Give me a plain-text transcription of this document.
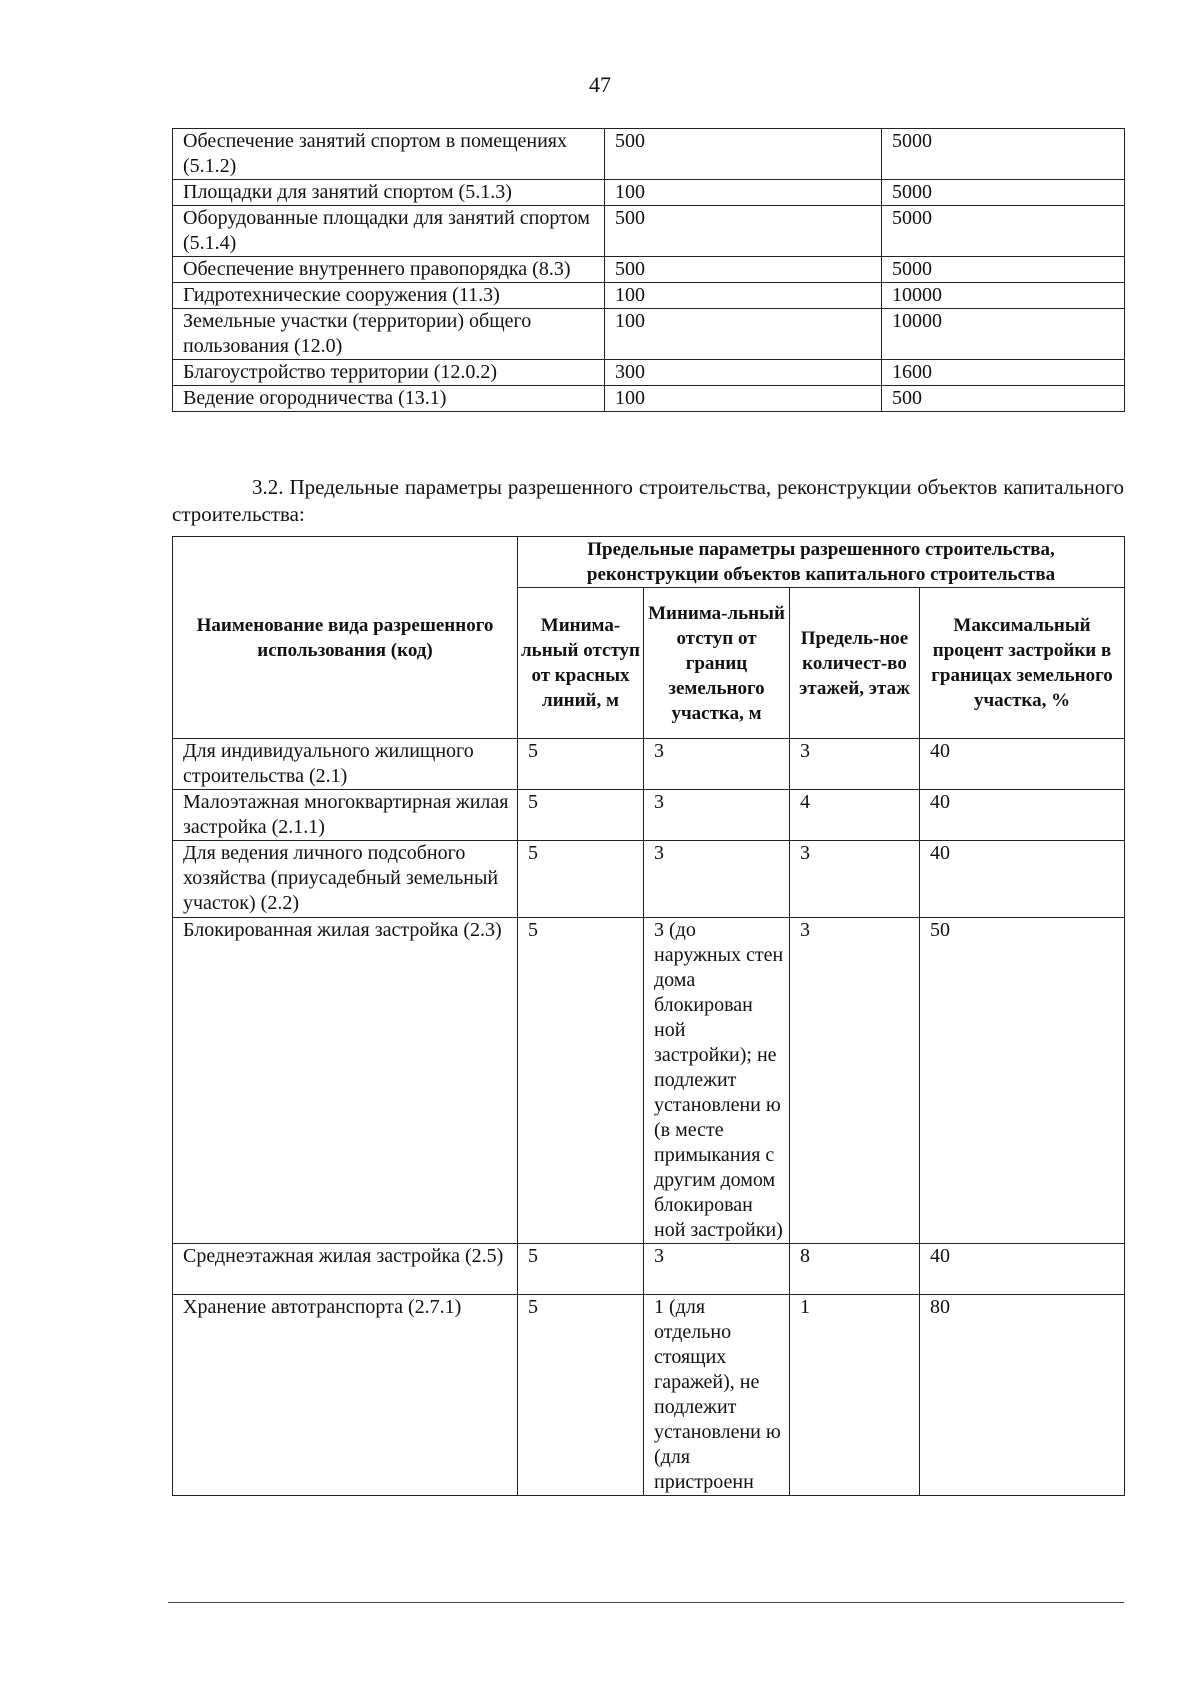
47
Обеспечение занятий спортом в помещениях (5.1.2)	500	5000
Площадки для занятий спортом (5.1.3)	100	5000
Оборудованные площадки для занятий спортом (5.1.4)	500	5000
Обеспечение внутреннего правопорядка (8.3)	500	5000
Гидротехнические сооружения (11.3)	100	10000
Земельные участки (территории) общего пользования (12.0)	100	10000
Благоустройство территории (12.0.2)	300	1600
Ведение огородничества (13.1)	100	500
3.2. Предельные параметры разрешенного строительства, реконструкции объектов капитального строительства:
Наименование вида разрешенного использования (код)	Предельные параметры разрешенного строительства, реконструкции объектов капитального строительства			
	Минима-льный отступ от красных линий, м	Минима-льный отступ от границ земельного участка, м	Предель-ное количест-во этажей, этаж	Максимальный процент застройки в границах земельного участка, %
Для индивидуального жилищного строительства (2.1)	5	3	3	40
Малоэтажная многоквартирная жилая застройка (2.1.1)	5	3	4	40
Для ведения личного подсобного хозяйства (приусадебный земельный участок) (2.2)	5	3	3	40
Блокированная жилая застройка (2.3)	5	3 (до наружных стен дома блокирован ной застройки); не подлежит установлени ю (в месте примыкания с другим домом блокирован ной застройки)	3	50
Среднеэтажная жилая застройка (2.5)	5	3	8	40
Хранение автотранспорта (2.7.1)	5	1 (для отдельно стоящих гаражей), не подлежит установлени ю (для пристроенн	1	80
